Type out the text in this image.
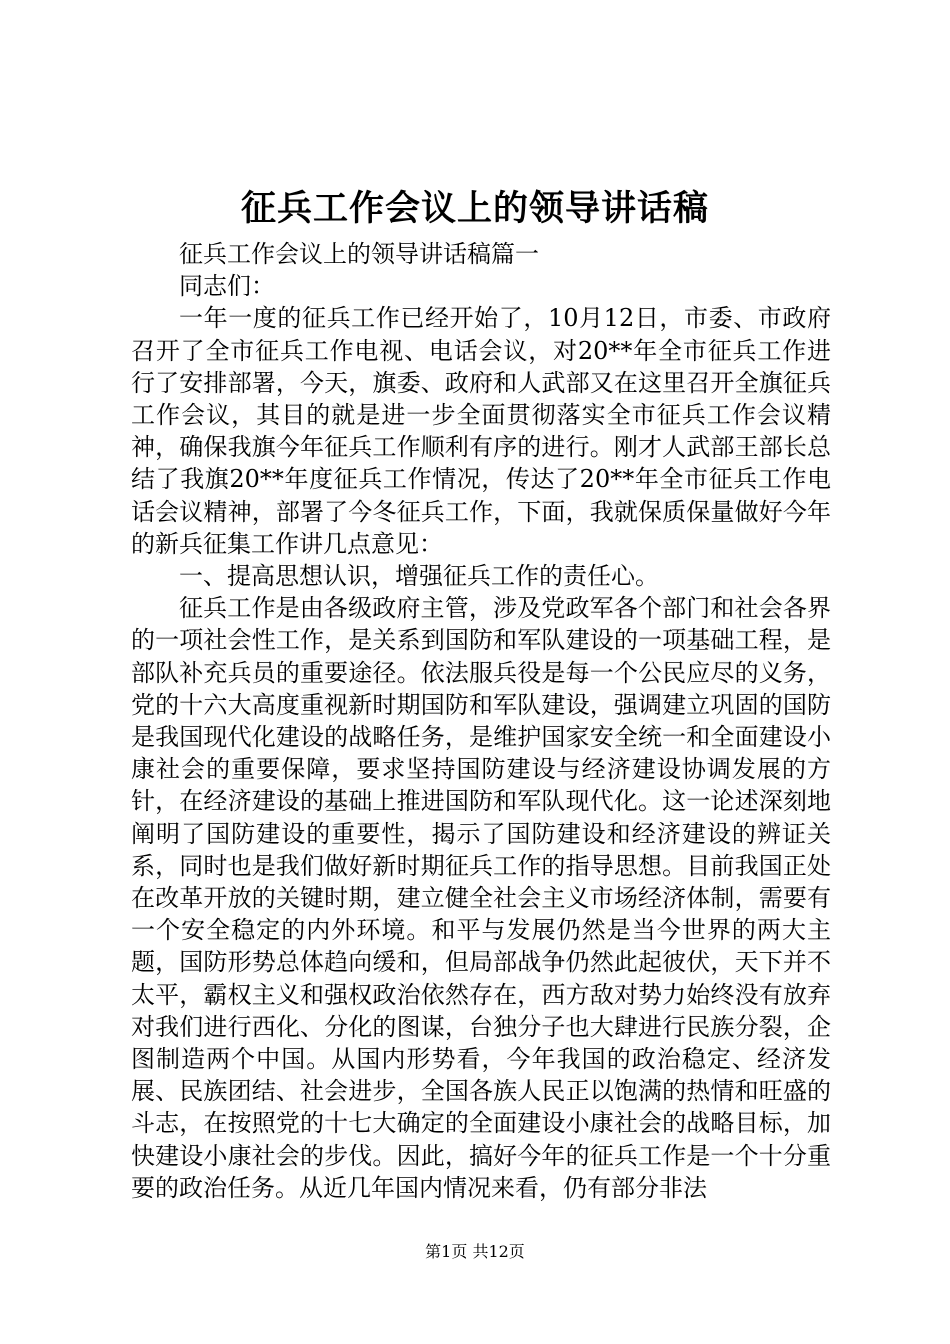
征兵工作会议上的领导讲话稿

征兵工作会议上的领导讲话稿篇一

同志们：

一年一度的征兵工作已经开始了，10月12日，市委、市政府召开了全市征兵工作电视、电话会议，对20**年全市征兵工作进行了安排部署，今天，旗委、政府和人武部又在这里召开全旗征兵工作会议，其目的就是进一步全面贯彻落实全市征兵工作会议精神，确保我旗今年征兵工作顺利有序的进行。刚才人武部王部长总结了我旗20**年度征兵工作情况，传达了20**年全市征兵工作电话会议精神，部署了今冬征兵工作，下面，我就保质保量做好今年的新兵征集工作讲几点意见：

一、提高思想认识，增强征兵工作的责任心。

征兵工作是由各级政府主管，涉及党政军各个部门和社会各界的一项社会性工作，是关系到国防和军队建设的一项基础工程，是部队补充兵员的重要途径。依法服兵役是每一个公民应尽的义务，党的十六大高度重视新时期国防和军队建设，强调建立巩固的国防是我国现代化建设的战略任务，是维护国家安全统一和全面建设小康社会的重要保障，要求坚持国防建设与经济建设协调发展的方针，在经济建设的基础上推进国防和军队现代化。这一论述深刻地阐明了国防建设的重要性，揭示了国防建设和经济建设的辨证关系，同时也是我们做好新时期征兵工作的指导思想。目前我国正处在改革开放的关键时期，建立健全社会主义市场经济体制，需要有一个安全稳定的内外环境。和平与发展仍然是当今世界的两大主题，国防形势总体趋向缓和，但局部战争仍然此起彼伏，天下并不太平，霸权主义和强权政治依然存在，西方敌对势力始终没有放弃对我们进行西化、分化的图谋，台独分子也大肆进行民族分裂，企图制造两个中国。从国内形势看，今年我国的政治稳定、经济发展、民族团结、社会进步，全国各族人民正以饱满的热情和旺盛的斗志，在按照党的十七大确定的全面建设小康社会的战略目标，加快建设小康社会的步伐。因此，搞好今年的征兵工作是一个十分重要的政治任务。从近几年国内情况来看，仍有部分非法

第1页 共12页
